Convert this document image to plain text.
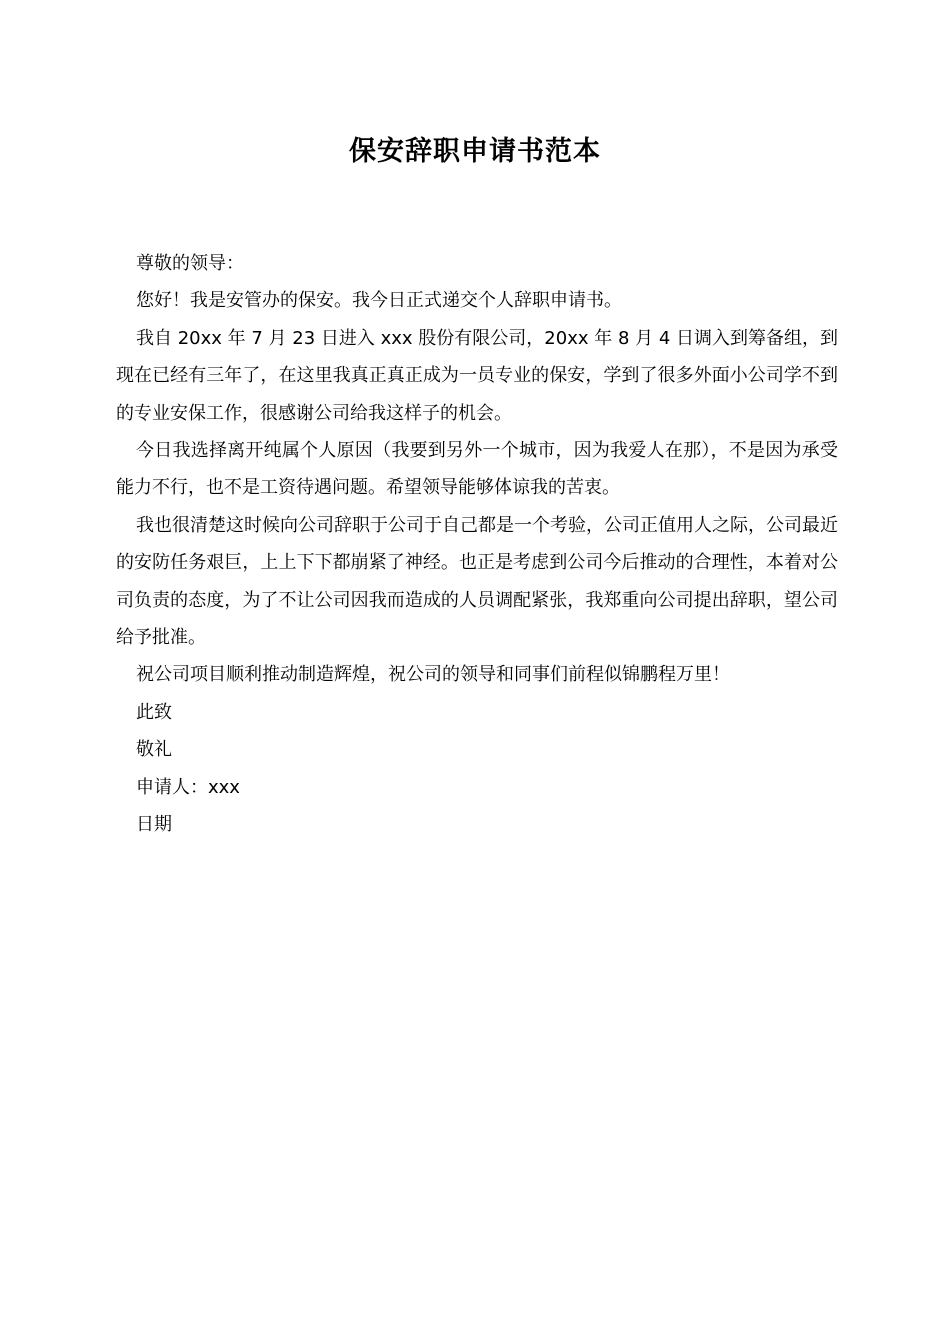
保安辞职申请书范本

尊敬的领导：

您好！我是安管办的保安。我今日正式递交个人辞职申请书。

我自 20xx 年 7 月 23 日进入 xxx 股份有限公司，20xx 年 8 月 4 日调入到筹备组，到现在已经有三年了，在这里我真正真正成为一员专业的保安，学到了很多外面小公司学不到的专业安保工作，很感谢公司给我这样子的机会。

今日我选择离开纯属个人原因（我要到另外一个城市，因为我爱人在那），不是因为承受能力不行，也不是工资待遇问题。希望领导能够体谅我的苦衷。

我也很清楚这时候向公司辞职于公司于自己都是一个考验，公司正值用人之际，公司最近的安防任务艰巨，上上下下都崩紧了神经。也正是考虑到公司今后推动的合理性，本着对公司负责的态度，为了不让公司因我而造成的人员调配紧张，我郑重向公司提出辞职，望公司给予批准。

祝公司项目顺利推动制造辉煌，祝公司的领导和同事们前程似锦鹏程万里！

此致

敬礼

申请人：xxx

日期
